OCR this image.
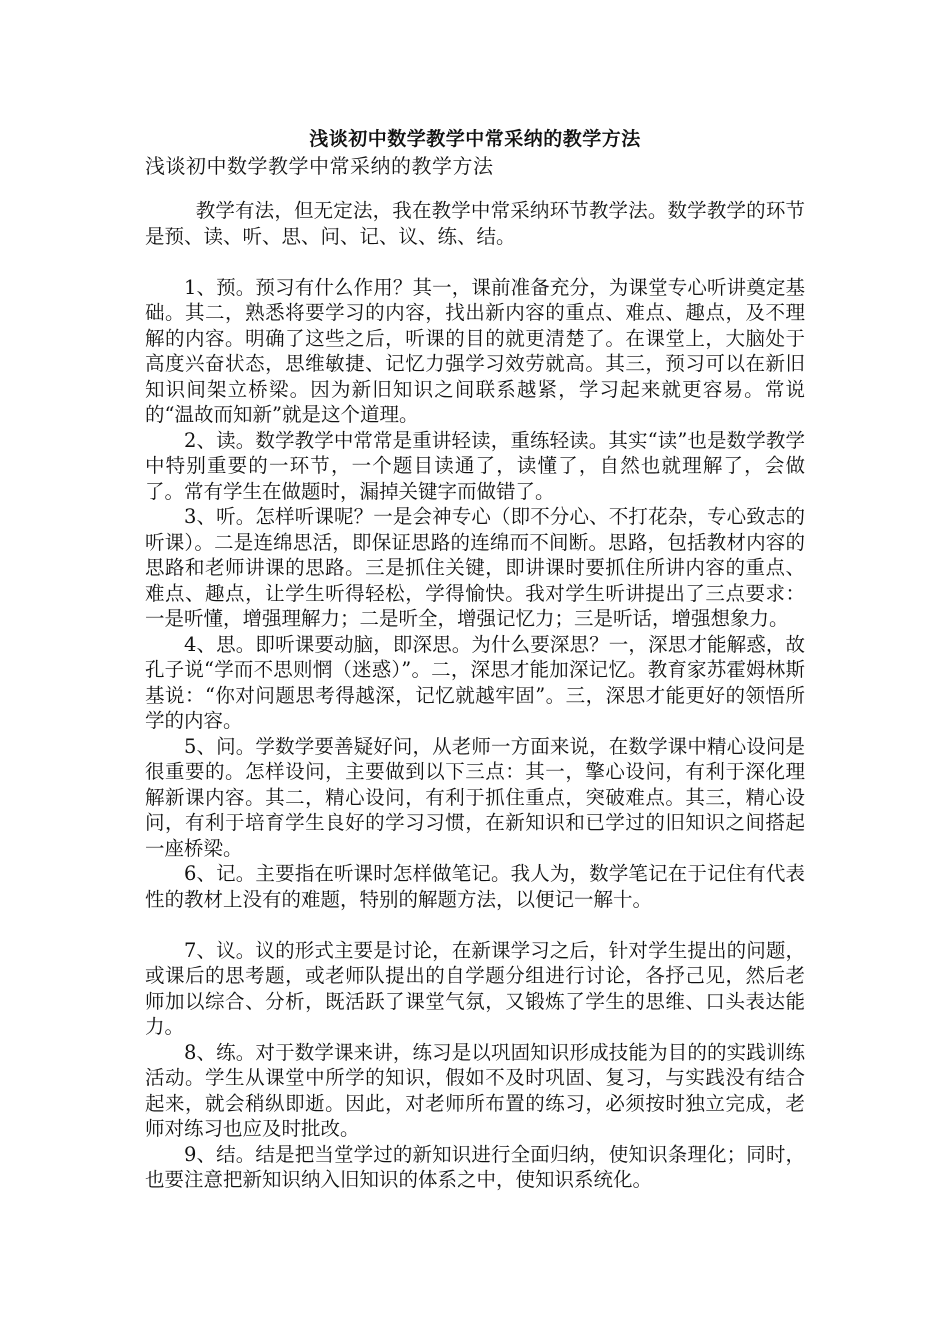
浅谈初中数学教学中常采纳的教学方法

浅谈初中数学教学中常采纳的教学方法

教学有法，但无定法，我在教学中常采纳环节教学法。数学教学的环节是预、读、听、思、问、记、议、练、结。

1、预。预习有什么作用？其一，课前准备充分，为课堂专心听讲奠定基础。其二，熟悉将要学习的内容，找出新内容的重点、难点、趣点，及不理解的内容。明确了这些之后，听课的目的就更清楚了。在课堂上，大脑处于高度兴奋状态，思维敏捷、记忆力强学习效劳就高。其三，预习可以在新旧知识间架立桥梁。因为新旧知识之间联系越紧，学习起来就更容易。常说的“温故而知新”就是这个道理。

2、读。数学教学中常常是重讲轻读，重练轻读。其实“读”也是数学教学中特别重要的一环节，一个题目读通了，读懂了，自然也就理解了，会做了。常有学生在做题时，漏掉关键字而做错了。

3、听。怎样听课呢？一是会神专心（即不分心、不打花杂，专心致志的听课）。二是连绵思活，即保证思路的连绵而不间断。思路，包括教材内容的思路和老师讲课的思路。三是抓住关键，即讲课时要抓住所讲内容的重点、难点、趣点，让学生听得轻松，学得愉快。我对学生听讲提出了三点要求：一是听懂，增强理解力；二是听全，增强记忆力；三是听话，增强想象力。

4、思。即听课要动脑，即深思。为什么要深思？一，深思才能解惑，故孔子说“学而不思则惘（迷惑）”。二，深思才能加深记忆。教育家苏霍姆林斯基说：“你对问题思考得越深，记忆就越牢固”。三，深思才能更好的领悟所学的内容。

5、问。学数学要善疑好问，从老师一方面来说，在数学课中精心设问是很重要的。怎样设问，主要做到以下三点：其一，擎心设问，有利于深化理解新课内容。其二，精心设问，有利于抓住重点，突破难点。其三，精心设问，有利于培育学生良好的学习习惯，在新知识和已学过的旧知识之间搭起一座桥梁。

6、记。主要指在听课时怎样做笔记。我人为，数学笔记在于记住有代表性的教材上没有的难题，特别的解题方法，以便记一解十。

7、议。议的形式主要是讨论，在新课学习之后，针对学生提出的问题，或课后的思考题，或老师队提出的自学题分组进行讨论，各抒己见，然后老师加以综合、分析，既活跃了课堂气氛，又锻炼了学生的思维、口头表达能力。

8、练。对于数学课来讲，练习是以巩固知识形成技能为目的的实践训练活动。学生从课堂中所学的知识，假如不及时巩固、复习，与实践没有结合起来，就会稍纵即逝。因此，对老师所布置的练习，必须按时独立完成，老师对练习也应及时批改。

9、结。结是把当堂学过的新知识进行全面归纳，使知识条理化；同时，也要注意把新知识纳入旧知识的体系之中，使知识系统化。
